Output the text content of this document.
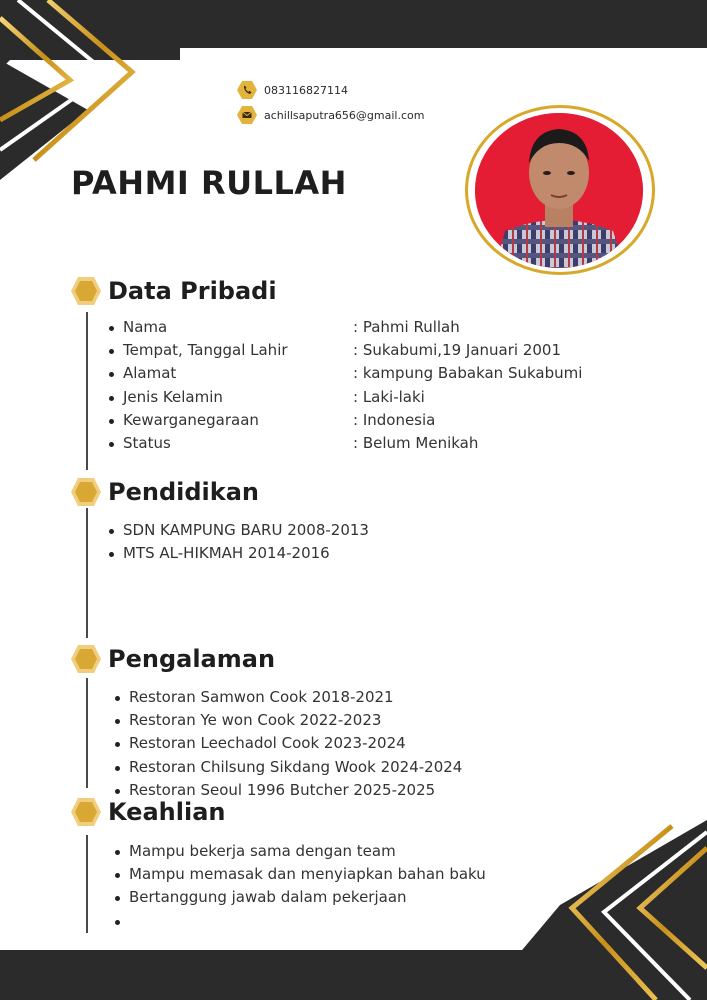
083116827114
achillsaputra656@gmail.com
PAHMI RULLAH
Data Pribadi
Nama	: Pahmi Rullah
Tempat, Tanggal Lahir	: Sukabumi,19 Januari 2001
Alamat	: kampung Babakan Sukabumi
Jenis Kelamin	: Laki-laki
Kewarganegaraan	: Indonesia
Status	: Belum Menikah
Pendidikan
SDN KAMPUNG BARU 2008-2013
MTS AL-HIKMAH 2014-2016
Pengalaman
Restoran Samwon Cook 2018-2021
Restoran Ye won Cook 2022-2023
Restoran Leechadol Cook 2023-2024
Restoran Chilsung Sikdang Wook 2024-2024
Restoran Seoul 1996 Butcher 2025-2025
Keahlian
Mampu bekerja sama dengan team
Mampu memasak dan menyiapkan bahan baku
Bertanggung jawab dalam pekerjaan
